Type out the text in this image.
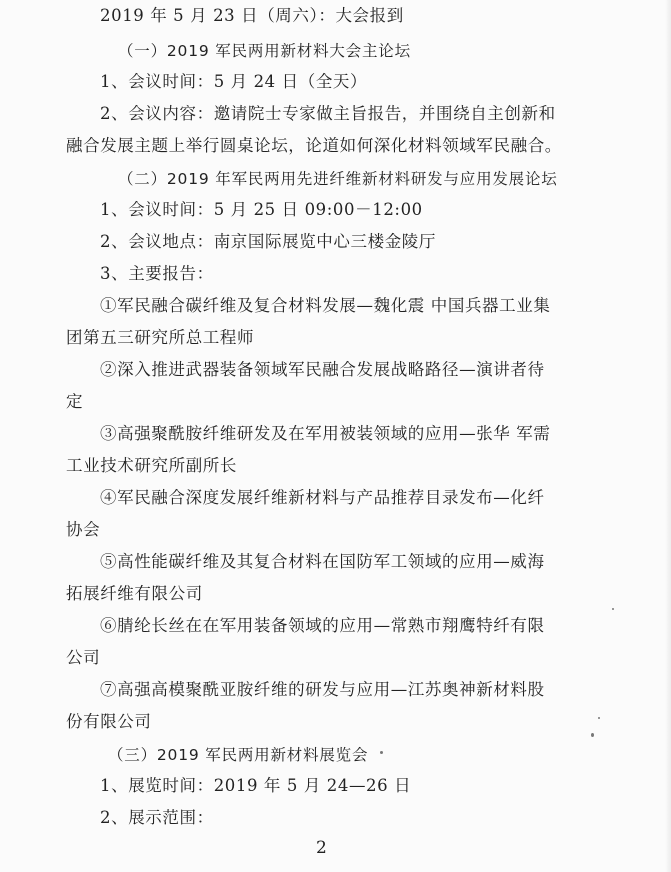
2019 年 5 月 23 日（周六）：大会报到
（一）2019 军民两用新材料大会主论坛
1、会议时间：5 月 24 日（全天）
2、会议内容：邀请院士专家做主旨报告，并围绕自主创新和
融合发展主题上举行圆桌论坛，论道如何深化材料领域军民融合。
（二）2019 年军民两用先进纤维新材料研发与应用发展论坛
1、会议时间：5 月 25 日 09:00－12:00
2、会议地点：南京国际展览中心三楼金陵厅
3、主要报告：
①军民融合碳纤维及复合材料发展—魏化震 中国兵器工业集
团第五三研究所总工程师
②深入推进武器装备领域军民融合发展战略路径—演讲者待
定
③高强聚酰胺纤维研发及在军用被装领域的应用—张华 军需
工业技术研究所副所长
④军民融合深度发展纤维新材料与产品推荐目录发布—化纤
协会
⑤高性能碳纤维及其复合材料在国防军工领域的应用—威海
拓展纤维有限公司
⑥腈纶长丝在在军用装备领域的应用—常熟市翔鹰特纤有限
公司
⑦高强高模聚酰亚胺纤维的研发与应用—江苏奥神新材料股
份有限公司
（三）2019 军民两用新材料展览会
1、展览时间：2019 年 5 月 24—26 日
2、展示范围：
2
